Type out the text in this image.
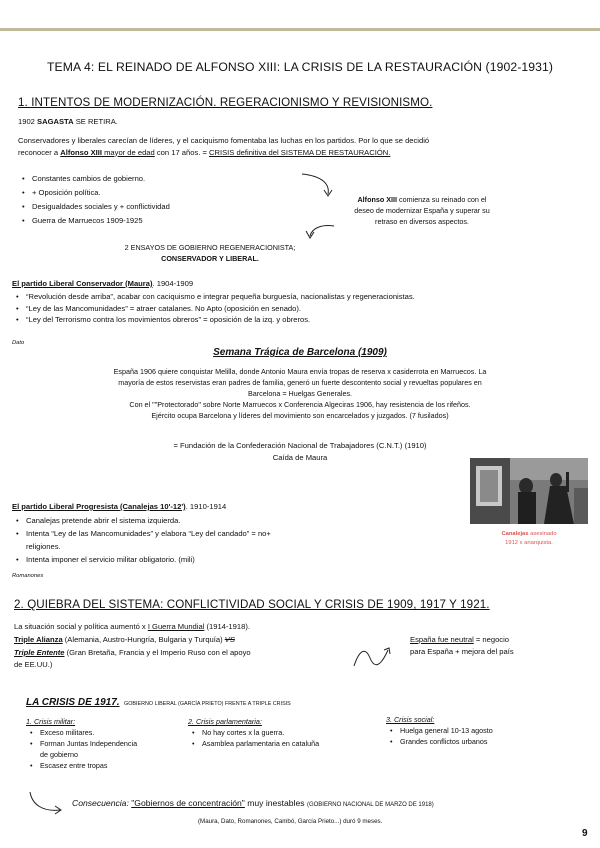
TEMA 4: EL REINADO DE ALFONSO XIII: LA CRISIS DE LA RESTAURACIÓN (1902-1931)
1. INTENTOS DE MODERNIZACIÓN. REGERACIONISMO Y REVISIONISMO.
1902 SAGASTA SE RETIRA.
Conservadores y liberales carecían de líderes, y el caciquismo fomentaba las luchas en los partidos. Por lo que se decidió
reconocer a Alfonso XIII mayor de edad con 17 años. = CRISIS definitiva del SISTEMA DE RESTAURACIÓN.
• Constantes cambios de gobierno.
• + Oposición política.
• Desigualdades sociales y + conflictividad
• Guerra de Marruecos 1909-1925
Alfonso XIII comienza su reinado con el
deseo de modernizar España y superar su
retraso en diversos aspectos.
2 ENSAYOS DE GOBIERNO REGENERACIONISTA;
CONSERVADOR Y LIBERAL.
El partido Liberal Conservador (Maura). 1904-1909
• “Revolución desde arriba”, acabar con caciquismo e integrar pequeña burguesía, nacionalistas y regeneracionistas.
• “Ley de las Mancomunidades” = atraer catalanes. No Apto (oposición en senado).
• “Ley del Terrorismo contra los movimientos obreros” = oposición de la izq. y obreros.
Dato
Semana Trágica de Barcelona (1909)
España 1906 quiere conquistar Melilla, donde Antonio Maura envía tropas de reserva x casiderrota en Marruecos. La
mayoría de estos reservistas eran padres de familia, generó un fuerte descontento social y revueltas populares en
Barcelona = Huelgas Generales.
Con el ""Protectorado" sobre Norte Marruecos x Conferencia Algeciras 1906, hay resistencia de los rifeños.
Ejército ocupa Barcelona y líderes del movimiento son encarcelados y juzgados. (7 fusilados)
= Fundación de la Confederación Nacional de Trabajadores (C.N.T.) (1910)
Caída de Maura
Canalejas asesinado
1912 x anarquista.
El partido Liberal Progresista (Canalejas 10'-12'). 1910-1914
• Canalejas pretende abrir el sistema izquierda.
• Intenta “Ley de las Mancomunidades” y elabora “Ley del candado” = no+
religiones.
• Intenta imponer el servicio militar obligatorio. (mili)
Romanones
2. QUIEBRA DEL SISTEMA: CONFLICTIVIDAD SOCIAL Y CRISIS DE 1909, 1917 Y 1921.
La situación social y política aumentó x I Guerra Mundial (1914-1918).
Triple Alianza (Alemania, Austro-Hungría, Bulgaria y Turquía) VS
Triple Entente (Gran Bretaña, Francia y el Imperio Ruso con el apoyo
de EE.UU.)
España fue neutral = negocio
para España + mejora del país
LA CRISIS DE 1917. GOBIERNO LIBERAL (GARCÍA PRIETO) FRENTE A TRIPLE CRISIS
1. Crisis militar:
• Exceso militares.
• Forman Juntas Independencia
de gobierno
• Escasez entre tropas
2. Crisis parlamentaria:
• No hay cortes x la guerra.
• Asamblea parlamentaria en cataluña
3. Crisis social:
• Huelga general 10-13 agosto
• Grandes conflictos urbanos
Consecuencia: "Gobiernos de concentración" muy inestables (GOBIERNO NACIONAL DE MARZO DE 1918)
(Maura, Dato, Romanones, Cambó, García Prieto...) duró 9 meses.
9
